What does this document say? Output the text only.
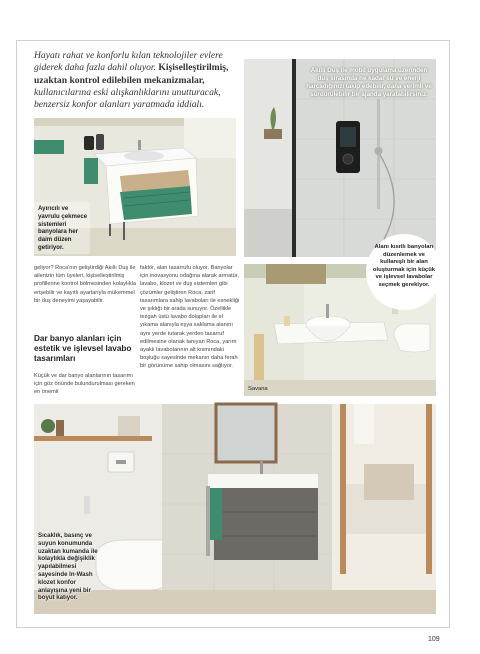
Hayatı rahat ve konforlu kılan teknolojiler evlere giderek daha fazla dahil oluyor. Kişiselleştirilmiş, uzaktan kontrol edilebilen mekanizmalar, kullanıcılarına eski alışkanlıklarını unutturacak, benzersiz konfor alanları yaratmada iddialı.
Ayırıcılı ve yavrulu çekmece sistemleri banyolara her daim düzen getiriyor.
Akıllı Duş ile mobil uygulama üzerinden duş sırasında ne kadar su ve enerji harcadığınızı takip edebilir, daha verimli ve sürdürülebilir bir ajanda yaratabilirsiniz.
Alanı kısıtlı banyoları düzenlemek ve kullanışlı bir alan oluşturmak için küçük ve işlevsel lavabolar seçmek gerekiyor.
Savana
geliyor? Roca'nın geliştirdiği Akıllı Duş ile ailenizin tüm üyeleri, kişiselleştirilmiş profillerine kontrol bölmesinden kolaylıkla erişebilir ve kayıtlı ayarlarıyla mükemmel bir duş deneyimi yaşayabilir.
Dar banyo alanları için estetik ve işlevsel lavabo tasarımları
Küçük ve dar banyo alanlarının tasarımı için göz önünde bulundurulması gereken en önemli
faktör, alan tasarrufu oluyor. Banyolar için inovasyonu odağına alarak armatür, lavabo, klozet ve duş sistemleri gibi çözümler geliştiren Roca, zarif tasarımlara sahip lavaboları ile esnekliği ve şıklığı bir arada sunuyor. Özellikle tezgah üstü lavabo dolapları ile el yıkama alanıyla eşya saklama alanını aynı yerde tutarak yerden tasarruf edilmesine olanak tanıyan Roca, yarım ayaklı lavabolarının alt kısmındaki boşluğu sayesinde mekanın daha ferah bir görünüme sahip olmasını sağlıyor.
Sıcaklık, basınç ve suyun konumunda uzaktan kumanda ile kolaylıkla değişiklik yapılabilmesi sayesinde In-Wash klozet konfor anlayışına yeni bir boyut katıyor.
109
